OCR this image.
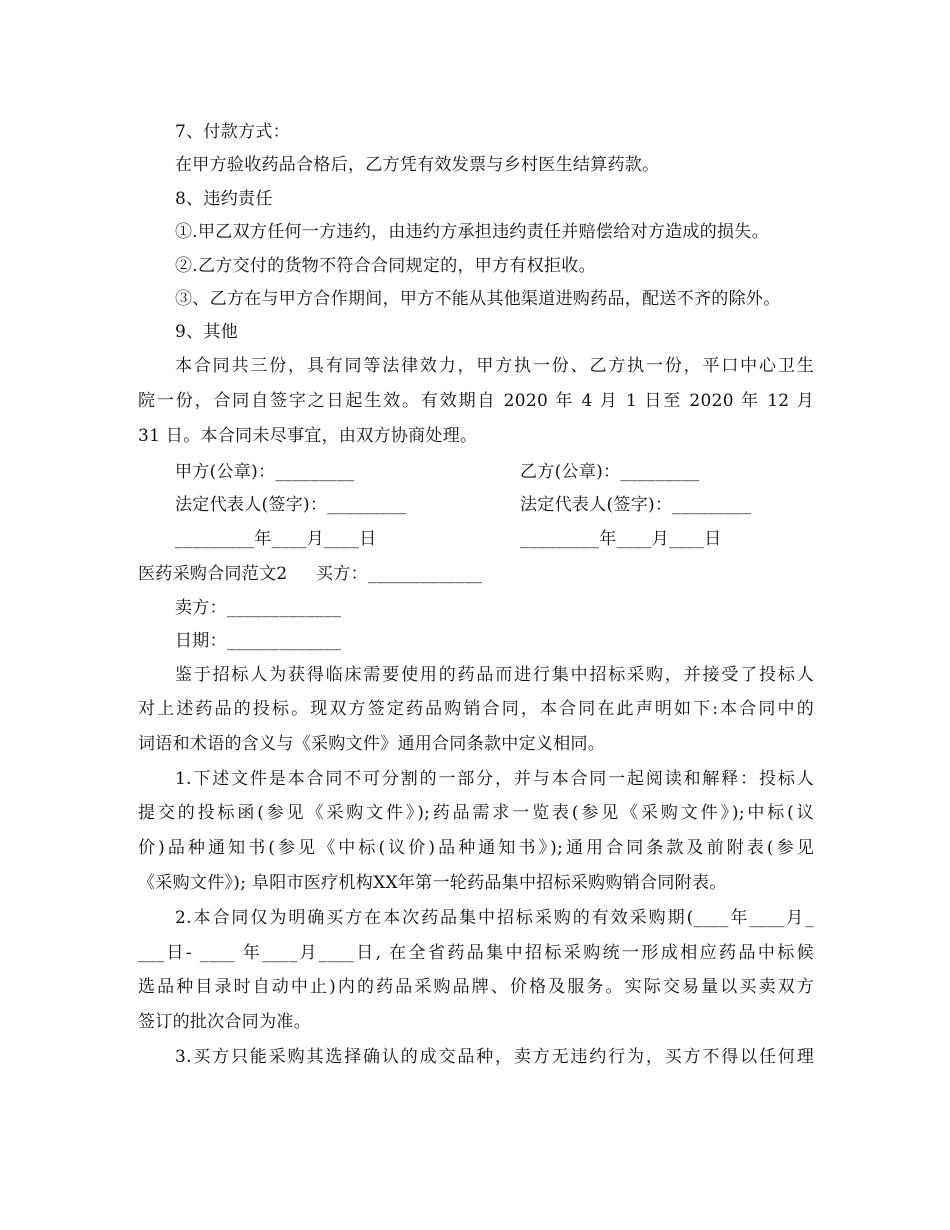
7、付款方式：
在甲方验收药品合格后，乙方凭有效发票与乡村医生结算药款。
8、违约责任
①.甲乙双方任何一方违约，由违约方承担违约责任并赔偿给对方造成的损失。
②.乙方交付的货物不符合合同规定的，甲方有权拒收。
③、乙方在与甲方合作期间，甲方不能从其他渠道进购药品，配送不齐的除外。
9、其他
本合同共三份，具有同等法律效力，甲方执一份、乙方执一份，平口中心卫生
院一份，合同自签字之日起生效。有效期自 2020 年 4 月 1 日至 2020 年 12 月
31 日。本合同未尽事宜，由双方协商处理。
甲方(公章)：_________	乙方(公章)：_________
法定代表人(签字)：_________	法定代表人(签字)：_________
_________年____月____日	_________年____月____日
医药采购合同范文2     买方：_____________
卖方：_____________
日期：_____________
鉴于招标人为获得临床需要使用的药品而进行集中招标采购，并接受了投标人
对上述药品的投标。现双方签定药品购销合同，本合同在此声明如下:本合同中的
词语和术语的含义与《采购文件》通用合同条款中定义相同。
1.下述文件是本合同不可分割的一部分，并与本合同一起阅读和解释：投标人
提交的投标函(参见《采购文件》);药品需求一览表(参见《采购文件》);中标(议
价)品种通知书(参见《中标(议价)品种通知书》);通用合同条款及前附表(参见
《采购文件》); 阜阳市医疗机构XX年第一轮药品集中招标采购购销合同附表。
2.本合同仅为明确买方在本次药品集中招标采购的有效采购期(____年____月_
___日- ____ 年____月____日, 在全省药品集中招标采购统一形成相应药品中标候
选品种目录时自动中止)内的药品采购品牌、价格及服务。实际交易量以买卖双方
签订的批次合同为准。
3.买方只能采购其选择确认的成交品种，卖方无违约行为，买方不得以任何理
